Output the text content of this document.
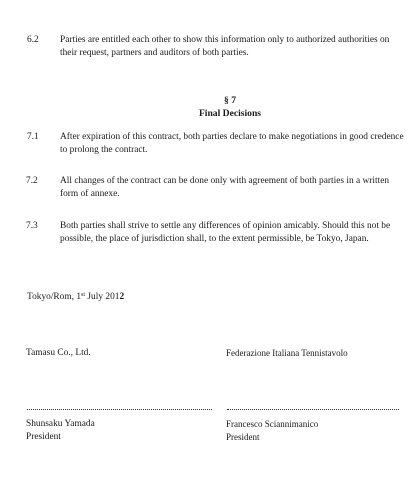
6.2 Parties are entitled each other to show this information only to authorized authorities on
their request, partners and auditors of both parties.
§ 7
Final Decisions
7.1 After expiration of this contract, both parties declare to make negotiations in good credence
to prolong the contract.
7.2 All changes of the contract can be done only with agreement of both parties in a written
form of annexe.
7.3 Both parties shall strive to settle any differences of opinion amicably. Should this not be
possible, the place of jurisdiction shall, to the extent permissible, be Tokyo, Japan.
Tokyo/Rom, 1st July 2012
Tamasu Co., Ltd.	Federazione Italiana Tennistavolo
Shunsaku Yamada
President
Francesco Sciannimanico
President
